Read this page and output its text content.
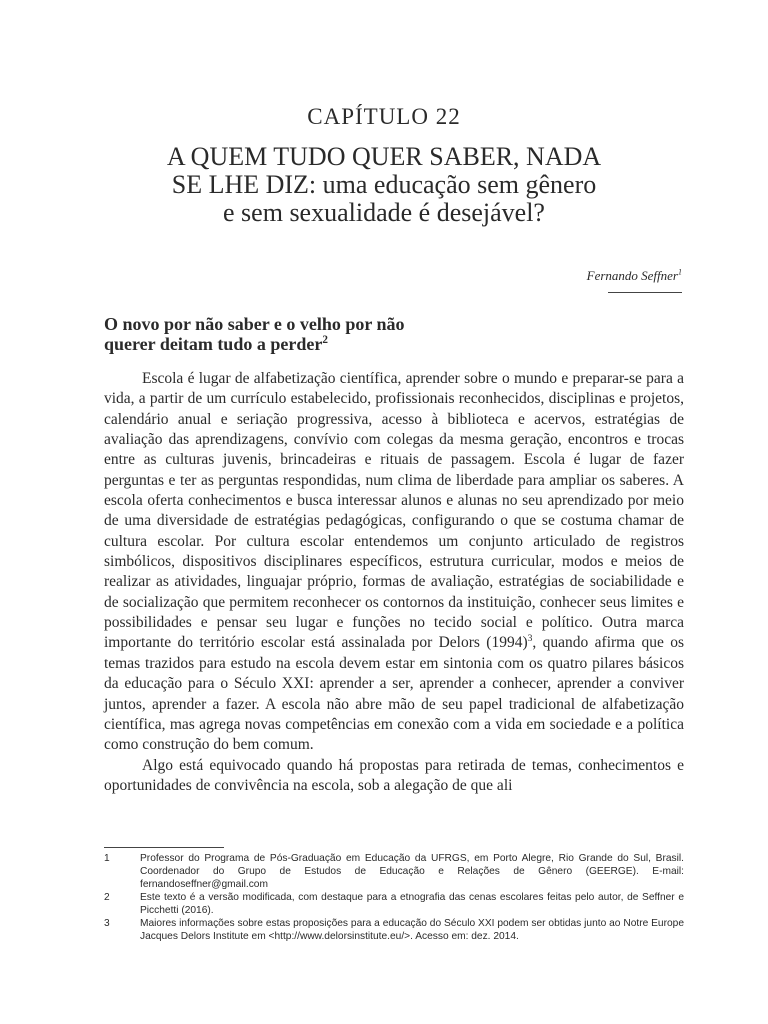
CAPÍTULO 22
A QUEM TUDO QUER SABER, NADA
SE LHE DIZ: uma educação sem gênero
e sem sexualidade é desejável?
Fernando Seffner$^1$
O novo por não saber e o velho por não
querer deitam tudo a perder$^2$

Escola é lugar de alfabetização científica, aprender sobre o mundo e preparar-se para a vida, a partir de um currículo estabelecido, profissionais reconhecidos, disciplinas e projetos, calendário anual e seriação progressiva, acesso à biblioteca e acervos, estratégias de avaliação das aprendizagens, convívio com colegas da mesma geração, encontros e trocas entre as culturas juvenis, brincadeiras e rituais de passagem. Escola é lugar de fazer perguntas e ter as perguntas respondidas, num clima de liberdade para ampliar os saberes. A escola oferta conhecimentos e busca interessar alunos e alunas no seu aprendizado por meio de uma diversidade de estratégias pedagógicas, configurando o que se costuma chamar de cultura escolar. Por cultura escolar entendemos um conjunto articulado de registros simbólicos, dispositivos disciplinares específicos, estrutura curricular, modos e meios de realizar as atividades, linguajar próprio, formas de avaliação, estratégias de sociabilidade e de socialização que permitem reconhecer os contornos da instituição, conhecer seus limites e possibilidades e pensar seu lugar e funções no tecido social e político. Outra marca importante do território escolar está assinalada por Delors $(1994)^3$, quando afirma que os temas trazidos para estudo na escola devem estar em sintonia com os quatro pilares básicos da educação para o Século XXI: aprender a ser, aprender a conhecer, aprender a conviver juntos, aprender a fazer. A escola não abre mão de seu papel tradicional de alfabetização científica, mas agrega novas competências em conexão com a vida em sociedade e a política como construção do bem comum.

Algo está equivocado quando há propostas para retirada de temas, conhecimentos e oportunidades de convivência na escola, sob a alegação de que ali

1	Professor do Programa de Pós-Graduação em Educação da UFRGS, em Porto Alegre, Rio Grande do Sul, Brasil. Coordenador do Grupo de Estudos de Educação e Relações de Gênero (GEERGE). E-mail: fernandoseffner@gmail.com
2	Este texto é a versão modificada, com destaque para a etnografia das cenas escolares feitas pelo autor, de Seffner e Picchetti (2016).
3	Maiores informações sobre estas proposições para a educação do Século XXI podem ser obtidas junto ao Notre Europe Jacques Delors Institute em <http://www.delorsinstitute.eu/>. Acesso em: dez. 2014.
